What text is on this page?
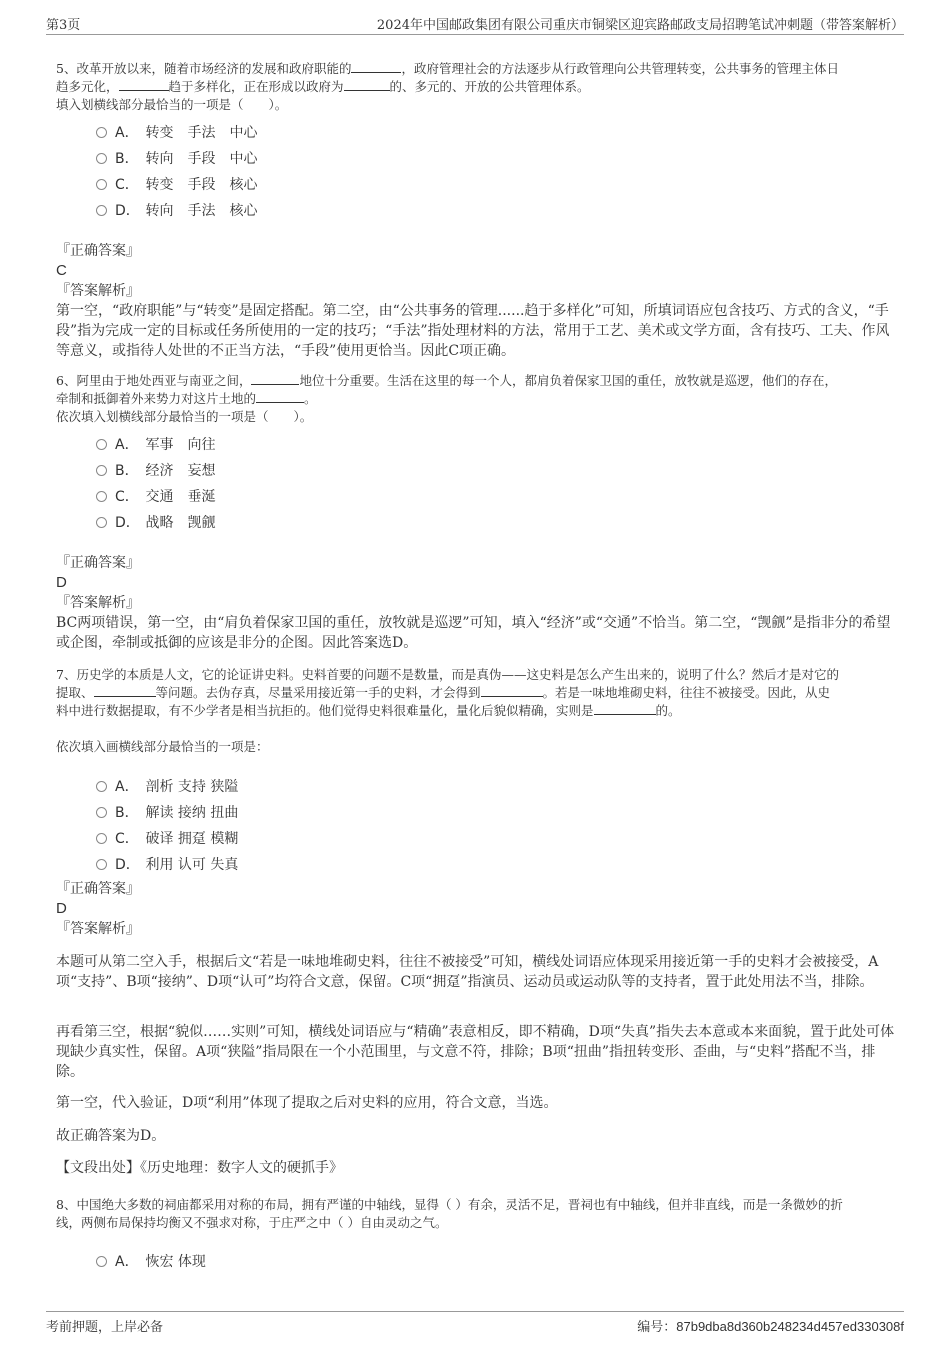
第3页	2024年中国邮政集团有限公司重庆市铜梁区迎宾路邮政支局招聘笔试冲刺题（带答案解析）

5、改革开放以来，随着市场经济的发展和政府职能的	，政府管理社会的方法逐步从行政管理向公共管理转变，公共事务的管理主体日

趋多元化，	趋于多样化，正在形成以政府为	的、多元的、开放的公共管理体系。

填入划横线部分最恰当的一项是（　　）。

A． 转变　手法　中心
B． 转向　手段　中心
C． 转变　手段　核心
D． 转向　手法　核心

『正确答案』

C

『答案解析』

第一空，“政府职能”与“转变”是固定搭配。第二空，由“公共事务的管理......趋于多样化”可知，所填词语应包含技巧、方式的含义，“手段”指为完成一定的目标或任务所使用的一定的技巧；“手法”指处理材料的方法，常用于工艺、美术或文学方面，含有技巧、工夫、作风等意义，或指待人处世的不正当方法，“手段”使用更恰当。因此C项正确。

6、阿里由于地处西亚与南亚之间，	地位十分重要。生活在这里的每一个人，都肩负着保家卫国的重任，放牧就是巡逻，他们的存在，

牵制和抵御着外来势力对这片土地的	。

依次填入划横线部分最恰当的一项是（　　）。

A． 军事　向往
B． 经济　妄想
C． 交通　垂涎
D． 战略　觊觎

『正确答案』

D

『答案解析』

BC两项错误，第一空，由“肩负着保家卫国的重任，放牧就是巡逻”可知，填入“经济”或“交通”不恰当。第二空，“觊觎”是指非分的希望或企图，牵制或抵御的应该是非分的企图。因此答案选D。

7、历史学的本质是人文，它的论证讲史料。史料首要的问题不是数量，而是真伪——这史料是怎么产生出来的，说明了什么？然后才是对它的

提取、	等问题。去伪存真，尽量采用接近第一手的史料，才会得到	。若是一味地堆砌史料，往往不被接受。因此，从史

料中进行数据提取，有不少学者是相当抗拒的。他们觉得史料很难量化，量化后貌似精确，实则是	的。

依次填入画横线部分最恰当的一项是：
A． 剖析 支持 狭隘
B． 解读 接纳 扭曲
C． 破译 拥趸 模糊
D． 利用 认可 失真

『正确答案』

D

『答案解析』

本题可从第二空入手，根据后文“若是一味地堆砌史料，往往不被接受”可知，横线处词语应体现采用接近第一手的史料才会被接受，A项“支持”、B项“接纳”、D项“认可”均符合文意，保留。C项“拥趸”指演员、运动员或运动队等的支持者，置于此处用法不当，排除。
再看第三空，根据“貌似……实则”可知，横线处词语应与“精确”表意相反，即不精确，D项“失真”指失去本意或本来面貌，置于此处可体现缺少真实性，保留。A项“狭隘”指局限在一个小范围里，与文意不符，排除；B项“扭曲”指扭转变形、歪曲，与“史料”搭配不当，排除。
第一空，代入验证，D项“利用”体现了提取之后对史料的应用，符合文意，当选。
故正确答案为D。
【文段出处】《历史地理：数字人文的硬抓手》

8、中国绝大多数的祠庙都采用对称的布局，拥有严谨的中轴线，显得（ ）有余，灵活不足，晋祠也有中轴线，但并非直线，而是一条微妙的折

线，两侧布局保持均衡又不强求对称，于庄严之中（ ）自由灵动之气。

A． 恢宏 体现
考前押题，上岸必备	编号：87b9dba8d360b248234d457ed330308f
